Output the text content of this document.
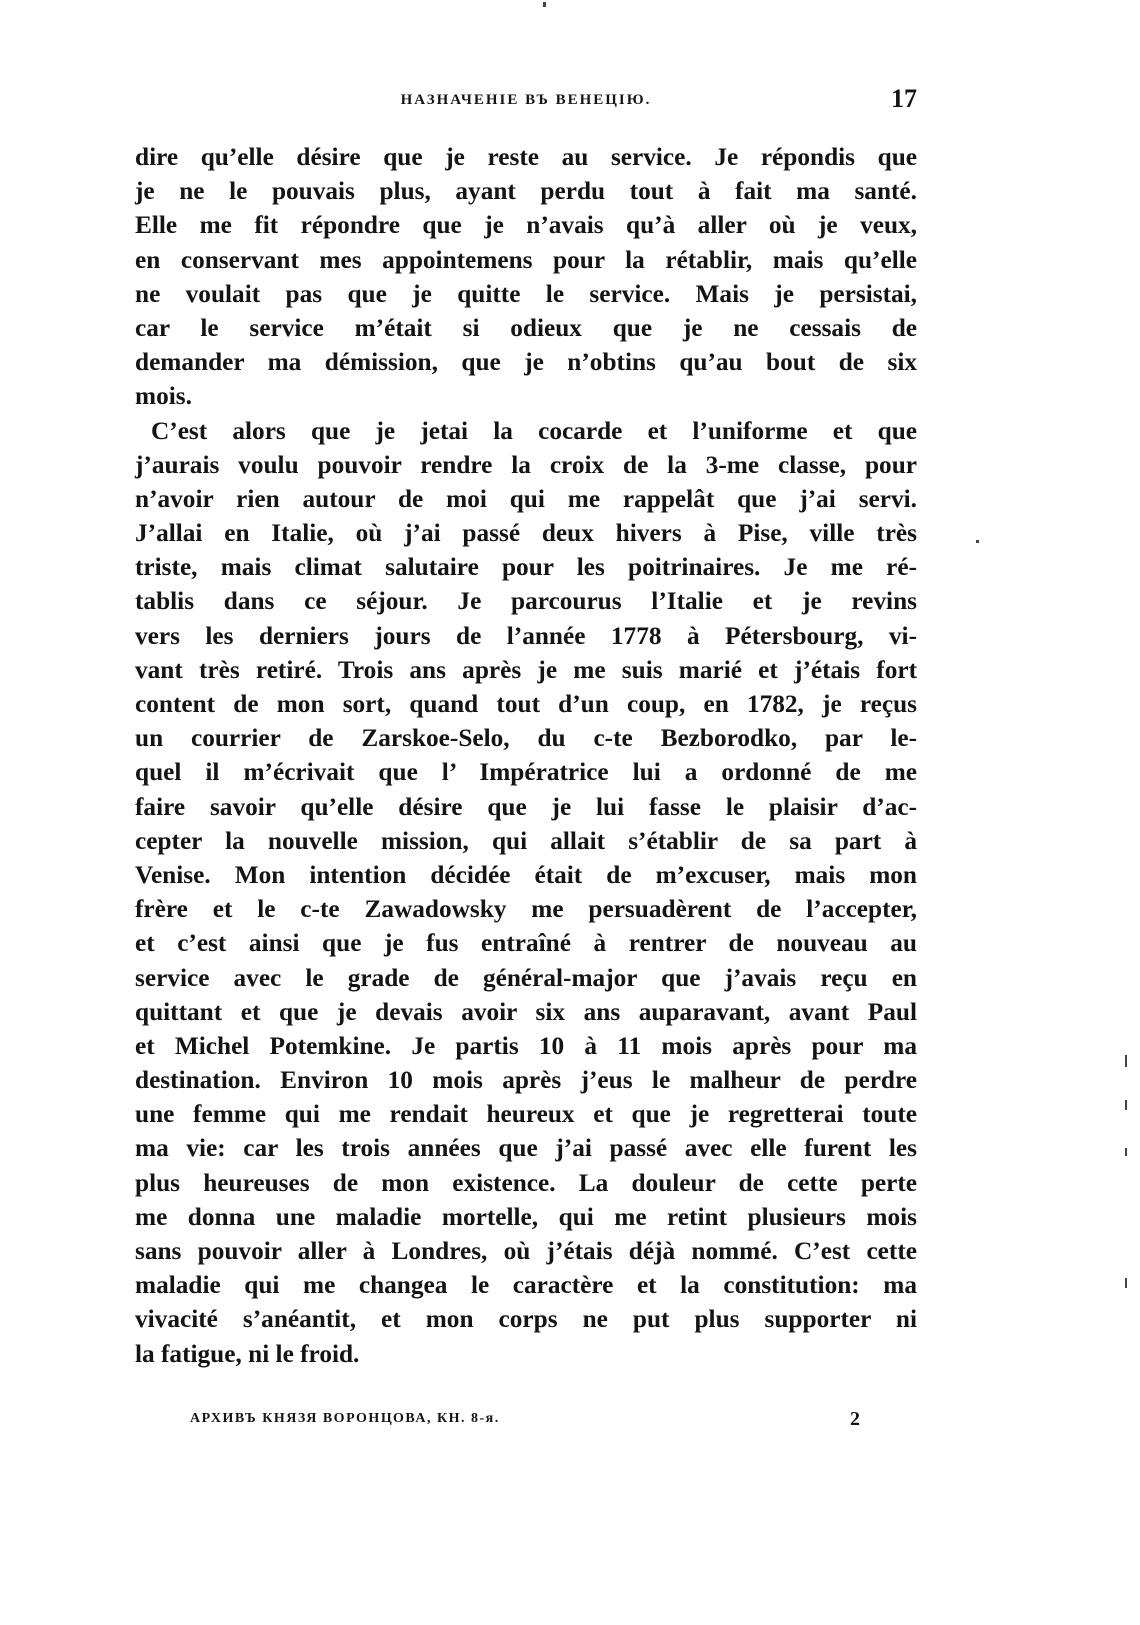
НАЗНАЧЕНІЕ ВЪ ВЕНЕЦІЮ.	17
dire qu’elle désire que je reste au service. Je répondis que
je ne le pouvais plus, ayant perdu tout à fait ma santé.
Elle me fit répondre que je n’avais qu’à aller où je veux,
en conservant mes appointemens pour la rétablir, mais qu’elle
ne voulait pas que je quitte le service. Mais je persistai,
car le service m’était si odieux que je ne cessais de
demander ma démission, que je n’obtins qu’au bout de six
mois.
C’est alors que je jetai la cocarde et l’uniforme et que
j’aurais voulu pouvoir rendre la croix de la 3-me classe, pour
n’avoir rien autour de moi qui me rappelât que j’ai servi.
J’allai en Italie, où j’ai passé deux hivers à Pise, ville très
triste, mais climat salutaire pour les poitrinaires. Je me ré-
tablis dans ce séjour. Je parcourus l’Italie et je revins
vers les derniers jours de l’année 1778 à Pétersbourg, vi-
vant très retiré. Trois ans après je me suis marié et j’étais fort
content de mon sort, quand tout d’un coup, en 1782, je reçus
un courrier de Zarskoe-Selo, du c-te Bezborodko, par le-
quel il m’écrivait que l’ Impératrice lui a ordonné de me
faire savoir qu’elle désire que je lui fasse le plaisir d’ac-
cepter la nouvelle mission, qui allait s’établir de sa part à
Venise. Mon intention décidée était de m’excuser, mais mon
frère et le c-te Zawadowsky me persuadèrent de l’accepter,
et c’est ainsi que je fus entraîné à rentrer de nouveau au
service avec le grade de général-major que j’avais reçu en
quittant et que je devais avoir six ans auparavant, avant Paul
et Michel Potemkine. Je partis 10 à 11 mois après pour ma
destination. Environ 10 mois après j’eus le malheur de perdre
une femme qui me rendait heureux et que je regretterai toute
ma vie: car les trois années que j’ai passé avec elle furent les
plus heureuses de mon existence. La douleur de cette perte
me donna une maladie mortelle, qui me retint plusieurs mois
sans pouvoir aller à Londres, où j’étais déjà nommé. C’est cette
maladie qui me changea le caractère et la constitution: ma
vivacité s’anéantit, et mon corps ne put plus supporter ni
la fatigue, ni le froid.
АРХИВЪ КНЯЗЯ ВОРОНЦОВА, КН. 8-я.	2
